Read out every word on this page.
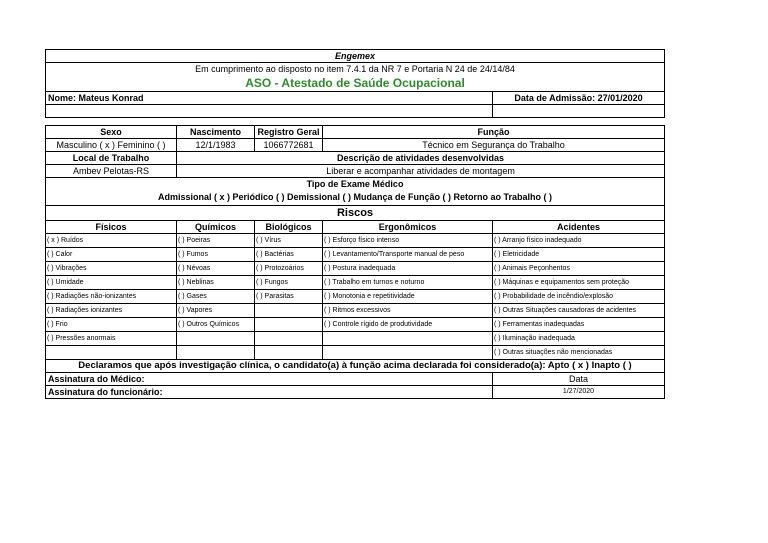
Engemex				
Em cumprimento ao disposto no item 7.4.1 da NR 7 e Portaria N 24 de 24/14/84				
ASO - Atestado de Saúde Ocupacional				
Nome: Mateus Konrad				Data de Admissão: 27/01/2020

Sexo	Nascimento	Registro Geral	Função	
Masculino ( x ) Feminino ( )	12/1/1983	1066772681	Técnico em Segurança do Trabalho	
Local de Trabalho	Descrição de atividades desenvolvidas			
Ambev Pelotas-RS	Liberar e acompanhar atividades de montagem			
Tipo de Exame Médico				
Admissional ( x ) Periódico ( ) Demissional ( ) Mudança de Função ( ) Retorno ao Trabalho ( )				
Riscos				
Físicos	Químicos	Biológicos	Ergonômicos	Acidentes
( x ) Ruídos	( ) Poeiras	( ) Vírus	( ) Esforço físico intenso	( ) Arranjo físico inadequado
( ) Calor	( ) Fumos	( ) Bactérias	( ) Levantamento/Transporte manual de peso	( ) Eletricidade
( ) Vibrações	( ) Névoas	( ) Protozoários	( ) Postura inadequada	( ) Animais Peçonhentos
( ) Umidade	( ) Neblinas	( ) Fungos	( ) Trabalho em turnos e noturno	( ) Máquinas e equipamentos sem proteção
( ) Radiações não-ionizantes	( ) Gases	( ) Parasitas	( ) Monotonia e repetitividade	( ) Probabilidade de incêndio/explosão
( ) Radiações ionizantes	( ) Vapores		( ) Ritmos excessivos	( ) Outras Situações causadoras de acidentes
( ) Frio	( ) Outros Químicos		( ) Controle rígido de produtividade	( ) Ferramentas inadequadas
( ) Pressões anormais				( ) Iluminação inadequada
				( ) Outras situações não mencionadas
Declaramos que após investigação clínica, o candidato(a) à função acima declarada foi considerado(a): Apto ( x ) Inapto ( )	
Assinatura do Médico:	Data
Assinatura do funcionário:	1/27/2020
